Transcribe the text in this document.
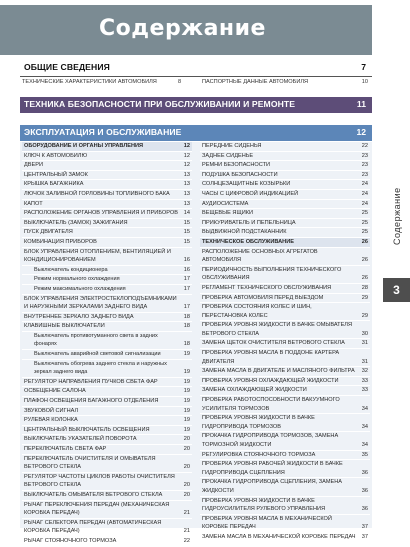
Содержание
ОБЩИЕ СВЕДЕНИЯ	7
ТЕХНИЧЕСКИЕ ХАРАКТЕРИСТИКИ АВТОМОБИЛЯ	8	ПАСПОРТНЫЕ ДАННЫЕ АВТОМОБИЛЯ	10
ТЕХНИКА БЕЗОПАСНОСТИ ПРИ ОБСЛУЖИВАНИИ И РЕМОНТЕ	11
ЭКСПЛУАТАЦИЯ И ОБСЛУЖИВАНИЕ	12
ОБОРУДОВАНИЕ И ОРГАНЫ УПРАВЛЕНИЯ	12
КЛЮЧ К АВТОМОБИЛЮ	12
ДВЕРИ	12
ЦЕНТРАЛЬНЫЙ ЗАМОК	13
КРЫШКА БАГАЖНИКА	13
ЛЮЧОК ЗАЛИВНОЙ ГОРЛОВИНЫ ТОПЛИВНОГО БАКА	13
КАПОТ	13
РАСПОЛОЖЕНИЕ ОРГАНОВ УПРАВЛЕНИЯ И ПРИБОРОВ 14
ВЫКЛЮЧАТЕЛЬ (ЗАМОК) ЗАЖИГАНИЯ	15
ПУСК ДВИГАТЕЛЯ	15
КОМБИНАЦИЯ ПРИБОРОВ	15
БЛОК УПРАВЛЕНИЯ ОТОПЛЕНИЕМ, ВЕНТИЛЯЦИЕЙ И КОНДИЦИОНИРОВАНИЕМ	16
Выключатель кондиционера	16
Режим нормального охлаждения	17
Режим максимального охлаждения	17
БЛОК УПРАВЛЕНИЯ ЭЛЕКТРОСТЕКЛОПОДЪЕМНИКАМИ И НАРУЖНЫМИ ЗЕРКАЛАМИ ЗАДНЕГО ВИДА	17
ВНУТРЕННЕЕ ЗЕРКАЛО ЗАДНЕГО ВИДА	18
КЛАВИШНЫЕ ВЫКЛЮЧАТЕЛИ	18
Выключатель противотуманного света в задних фонарях	18
Выключатель аварийной световой сигнализации	19
Выключатель обогрева заднего стекла и наружных зеркал заднего вида	19
РЕГУЛЯТОР НАПРАВЛЕНИЯ ПУЧКОВ СВЕТА ФАР	19
ОСВЕЩЕНИЕ САЛОНА	19
ПЛАФОН ОСВЕЩЕНИЯ БАГАЖНОГО ОТДЕЛЕНИЯ	19
ЗВУКОВОЙ СИГНАЛ	19
РУЛЕВАЯ КОЛОНКА	19
ЦЕНТРАЛЬНЫЙ ВЫКЛЮЧАТЕЛЬ ОСВЕЩЕНИЯ	19
ВЫКЛЮЧАТЕЛЬ УКАЗАТЕЛЕЙ ПОВОРОТА	20
ПЕРЕКЛЮЧАТЕЛЬ СВЕТА ФАР	20
ПЕРЕКЛЮЧАТЕЛЬ ОЧИСТИТЕЛЯ И ОМЫВАТЕЛЯ ВЕТРОВОГО СТЕКЛА	20
РЕГУЛЯТОР ЧАСТОТЫ ЦИКЛОВ РАБОТЫ ОЧИСТИТЕЛЯ ВЕТРОВОГО СТЕКЛА	20
ВЫКЛЮЧАТЕЛЬ ОМЫВАТЕЛЯ ВЕТРОВОГО СТЕКЛА	20
РЫЧАГ ПЕРЕКЛЮЧЕНИЯ ПЕРЕДАЧ (МЕХАНИЧЕСКАЯ КОРОБКА ПЕРЕДАЧ)	21
РЫЧАГ СЕЛЕКТОРА ПЕРЕДАЧ (АВТОМАТИЧЕСКАЯ КОРОБКА ПЕРЕДАЧ)	21
РЫЧАГ СТОЯНОЧНОГО ТОРМОЗА	22
ПЕРЕДНИЕ СИДЕНЬЯ	22
ЗАДНЕЕ СИДЕНЬЕ	23
РЕМНИ БЕЗОПАСНОСТИ	23
ПОДУШКА БЕЗОПАСНОСТИ	23
СОЛНЦЕЗАЩИТНЫЕ КОЗЫРЬКИ	24
ЧАСЫ С ЦИФРОВОЙ ИНДИКАЦИЕЙ	24
АУДИОСИСТЕМА	24
ВЕЩЕВЫЕ ЯЩИКИ	25
ПРИКУРИВАТЕЛЬ И ПЕПЕЛЬНИЦА	25
ВЫДВИЖНОЙ ПОДСТАКАННИК	25
ТЕХНИЧЕСКОЕ ОБСЛУЖИВАНИЕ	26
РАСПОЛОЖЕНИЕ ОСНОВНЫХ АГРЕГАТОВ АВТОМОБИЛЯ	26
ПЕРИОДИЧНОСТЬ ВЫПОЛНЕНИЯ ТЕХНИЧЕСКОГО ОБСЛУЖИВАНИЯ	26
РЕГЛАМЕНТ ТЕХНИЧЕСКОГО ОБСЛУЖИВАНИЯ	28
ПРОВЕРКА АВТОМОБИЛЯ ПЕРЕД ВЫЕЗДОМ	29
ПРОВЕРКА СОСТОЯНИЯ КОЛЕС И ШИН, ПЕРЕСТАНОВКА КОЛЕС	29
ПРОВЕРКА УРОВНЯ ЖИДКОСТИ В БАЧКЕ ОМЫВАТЕЛЯ ВЕТРОВОГО СТЕКЛА	30
ЗАМЕНА ЩЕТОК ОЧИСТИТЕЛЯ ВЕТРОВОГО СТЕКЛА	31
ПРОВЕРКА УРОВНЯ МАСЛА В ПОДДОНЕ КАРТЕРА ДВИГАТЕЛЯ	31
ЗАМЕНА МАСЛА В ДВИГАТЕЛЕ И МАСЛЯНОГО ФИЛЬТРА 32
ПРОВЕРКА УРОВНЯ ОХЛАЖДАЮЩЕЙ ЖИДКОСТИ	33
ЗАМЕНА ОХЛАЖДАЮЩЕЙ ЖИДКОСТИ	33
ПРОВЕРКА РАБОТОСПОСОБНОСТИ ВАКУУМНОГО УСИЛИТЕЛЯ ТОРМОЗОВ	34
ПРОВЕРКА УРОВНЯ ЖИДКОСТИ В БАЧКЕ ГИДРОПРИВОДА ТОРМОЗОВ	34
ПРОКАЧКА ГИДРОПРИВОДА ТОРМОЗОВ, ЗАМЕНА ТОРМОЗНОЙ ЖИДКОСТИ	34
РЕГУЛИРОВКА СТОЯНОЧНОГО ТОРМОЗА	35
ПРОВЕРКА УРОВНЯ РАБОЧЕЙ ЖИДКОСТИ В БАЧКЕ ГИДРОПРИВОДА СЦЕПЛЕНИЯ	36
ПРОКАЧКА ГИДРОПРИВОДА СЦЕПЛЕНИЯ, ЗАМЕНА ЖИДКОСТИ	36
ПРОВЕРКА УРОВНЯ ЖИДКОСТИ В БАЧКЕ ГИДРОУСИЛИТЕЛЯ РУЛЕВОГО УПРАВЛЕНИЯ	36
ПРОВЕРКА УРОВНЯ МАСЛА В МЕХАНИЧЕСКОЙ КОРОБКЕ ПЕРЕДАЧ	37
ЗАМЕНА МАСЛА В МЕХАНИЧЕСКОЙ КОРОБКЕ ПЕРЕДАЧ 37
Содержание
3
